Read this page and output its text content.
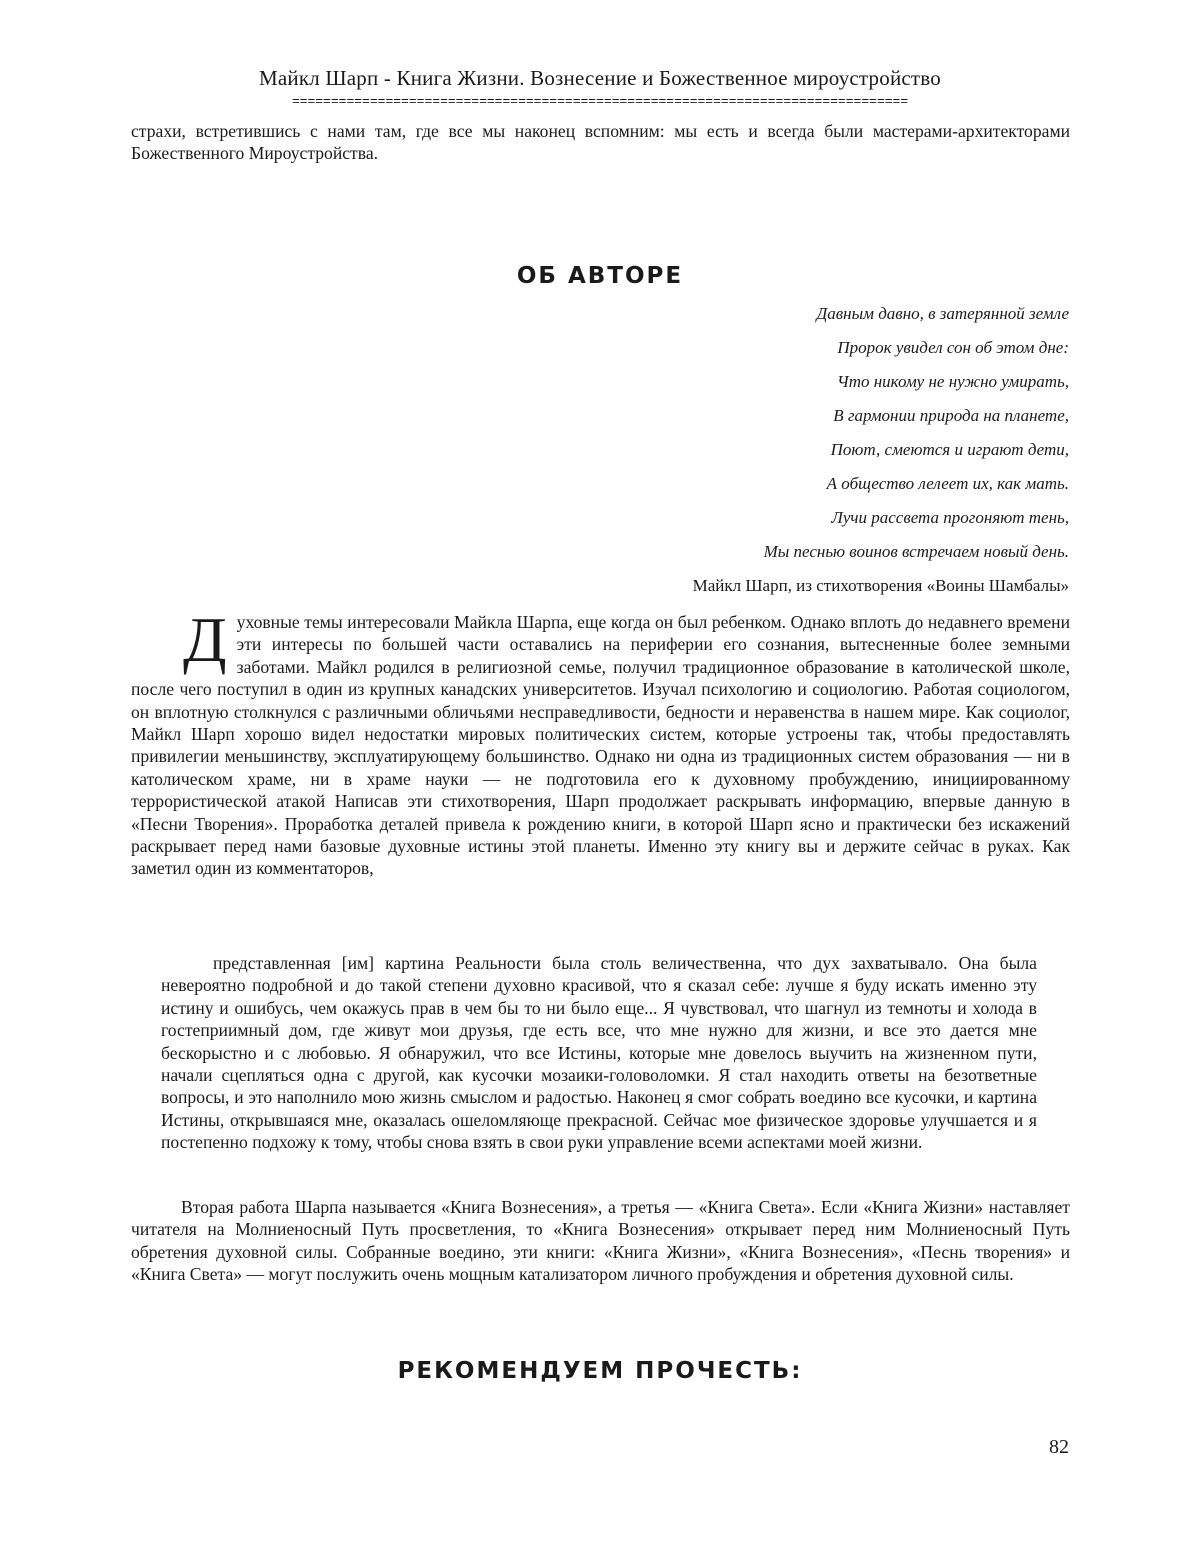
Майкл Шарп - Книга Жизни. Вознесение и Божественное мироустройство
===============================================================================

страхи, встретившись с нами там, где все мы наконец вспомним: мы есть и всегда были мастерами-архитекторами Божественного Мироустройства.

ОБ АВТОРЕ
Давным давно, в затерянной земле
Пророк увидел сон об этом дне:
Что никому не нужно умирать,
В гармонии природа на планете,
Поют, смеются и играют дети,
А общество лелеет их, как мать.
Лучи рассвета прогоняют тень,
Мы песнью воинов встречаем новый день.
Майкл Шарп, из стихотворения «Воины Шамбалы»
Д уховные темы интересовали Майкла Шарпа, еще когда он был ребенком. Однако вплоть до недавнего времени эти интересы по большей части оставались на периферии его сознания, вытесненные более земными заботами. Майкл родился в религиозной семье, получил традиционное образование в католической школе, после чего поступил в один из крупных канадских университетов. Изучал психологию и социологию. Работая социологом, он вплотную столкнулся с различными обличьями несправедливости, бедности и неравенства в нашем мире. Как социолог, Майкл Шарп хорошо видел недостатки мировых политических систем, которые устроены так, чтобы предоставлять привилегии меньшинству, эксплуатирующему большинство. Однако ни одна из традиционных систем образования — ни в католическом храме, ни в храме науки — не подготовила его к духовному пробуждению, инициированному террористической атакой Написав эти стихотворения, Шарп продолжает раскрывать информацию, впервые данную в «Песни Творения». Проработка деталей привела к рождению книги, в которой Шарп ясно и практически без искажений раскрывает перед нами базовые духовные истины этой планеты. Именно эту книгу вы и держите сейчас в руках. Как заметил один из комментаторов,

представленная [им] картина Реальности была столь величественна, что дух захватывало. Она была невероятно подробной и до такой степени духовно красивой, что я сказал себе: лучше я буду искать именно эту истину и ошибусь, чем окажусь прав в чем бы то ни было еще... Я чувствовал, что шагнул из темноты и холода в гостеприимный дом, где живут мои друзья, где есть все, что мне нужно для жизни, и все это дается мне бескорыстно и с любовью. Я обнаружил, что все Истины, которые мне довелось выучить на жизненном пути, начали сцепляться одна с другой, как кусочки мозаики-головоломки. Я стал находить ответы на безответные вопросы, и это наполнило мою жизнь смыслом и радостью. Наконец я смог собрать воедино все кусочки, и картина Истины, открывшаяся мне, оказалась ошеломляюще прекрасной. Сейчас мое физическое здоровье улучшается и я постепенно подхожу к тому, чтобы снова взять в свои руки управление всеми аспектами моей жизни.

Вторая работа Шарпа называется «Книга Вознесения», а третья — «Книга Света». Если «Книга Жизни» наставляет читателя на Молниеносный Путь просветления, то «Книга Вознесения» открывает перед ним Молниеносный Путь обретения духовной силы. Собранные воедино, эти книги: «Книга Жизни», «Книга Вознесения», «Песнь творения» и «Книга Света» — могут послужить очень мощным катализатором личного пробуждения и обретения духовной силы.

РЕКОМЕНДУЕМ ПРОЧЕСТЬ:
82
